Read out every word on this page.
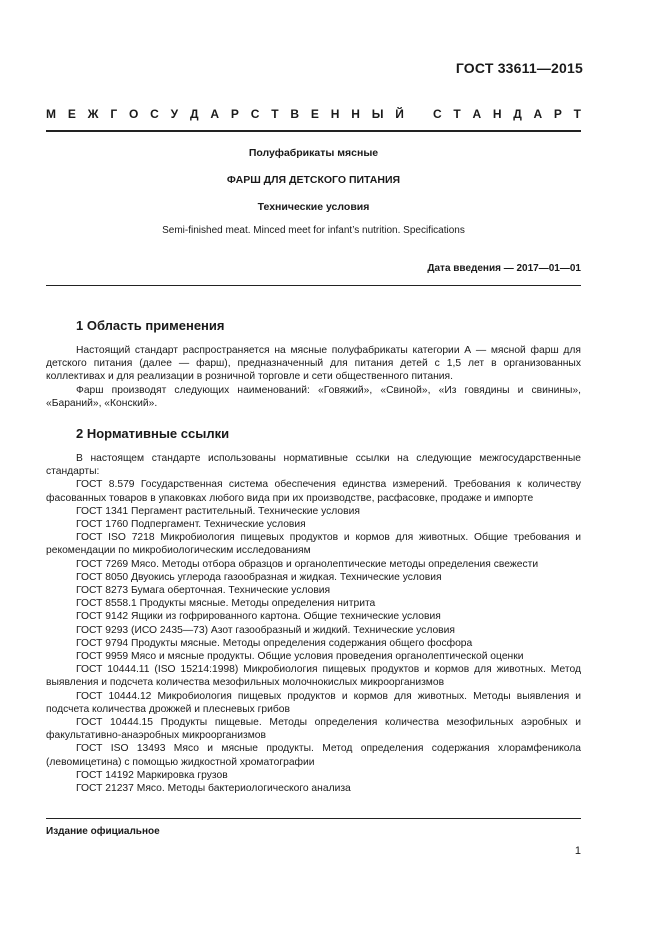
ГОСТ 33611—2015
М Е Ж Г О С У Д А Р С Т В Е Н Н Ы Й С Т А Н Д А Р Т
Полуфабрикаты мясные
ФАРШ ДЛЯ ДЕТСКОГО ПИТАНИЯ
Технические условия
Semi-finished meat. Minced meet for infant’s nutrition. Specifications
Дата введения — 2017—01—01
1 Область применения

Настоящий стандарт распространяется на мясные полуфабрикаты категории А — мясной фарш для детского питания (далее — фарш), предназначенный для питания детей с 1,5 лет в организованных коллективах и для реализации в розничной торговле и сети общественного питания.

Фарш производят следующих наименований: «Говяжий», «Свиной», «Из говядины и свинины», «Бараний», «Конский».

2 Нормативные ссылки

В настоящем стандарте использованы нормативные ссылки на следующие межгосударственные стандарты:

ГОСТ 8.579 Государственная система обеспечения единства измерений. Требования к количеству фасованных товаров в упаковках любого вида при их производстве, расфасовке, продаже и импорте

ГОСТ 1341 Пергамент растительный. Технические условия

ГОСТ 1760 Подпергамент. Технические условия

ГОСТ ISO 7218 Микробиология пищевых продуктов и кормов для животных. Общие требования и рекомендации по микробиологическим исследованиям

ГОСТ 7269 Мясо. Методы отбора образцов и органолептические методы определения свежести

ГОСТ 8050 Двуокись углерода газообразная и жидкая. Технические условия

ГОСТ 8273 Бумага оберточная. Технические условия

ГОСТ 8558.1 Продукты мясные. Методы определения нитрита

ГОСТ 9142 Ящики из гофрированного картона. Общие технические условия

ГОСТ 9293 (ИСО 2435—73) Азот газообразный и жидкий. Технические условия

ГОСТ 9794 Продукты мясные. Методы определения содержания общего фосфора

ГОСТ 9959 Мясо и мясные продукты. Общие условия проведения органолептической оценки

ГОСТ 10444.11 (ISO 15214:1998) Микробиология пищевых продуктов и кормов для животных. Метод выявления и подсчета количества мезофильных молочнокислых микроорганизмов

ГОСТ 10444.12 Микробиология пищевых продуктов и кормов для животных. Методы выявления и подсчета количества дрожжей и плесневых грибов

ГОСТ 10444.15 Продукты пищевые. Методы определения количества мезофильных аэробных и факультативно-анаэробных микроорганизмов

ГОСТ ISO 13493 Мясо и мясные продукты. Метод определения содержания хлорамфеникола (левомицетина) с помощью жидкостной хроматографии

ГОСТ 14192 Маркировка грузов

ГОСТ 21237 Мясо. Методы бактериологического анализа

Издание официальное
1
